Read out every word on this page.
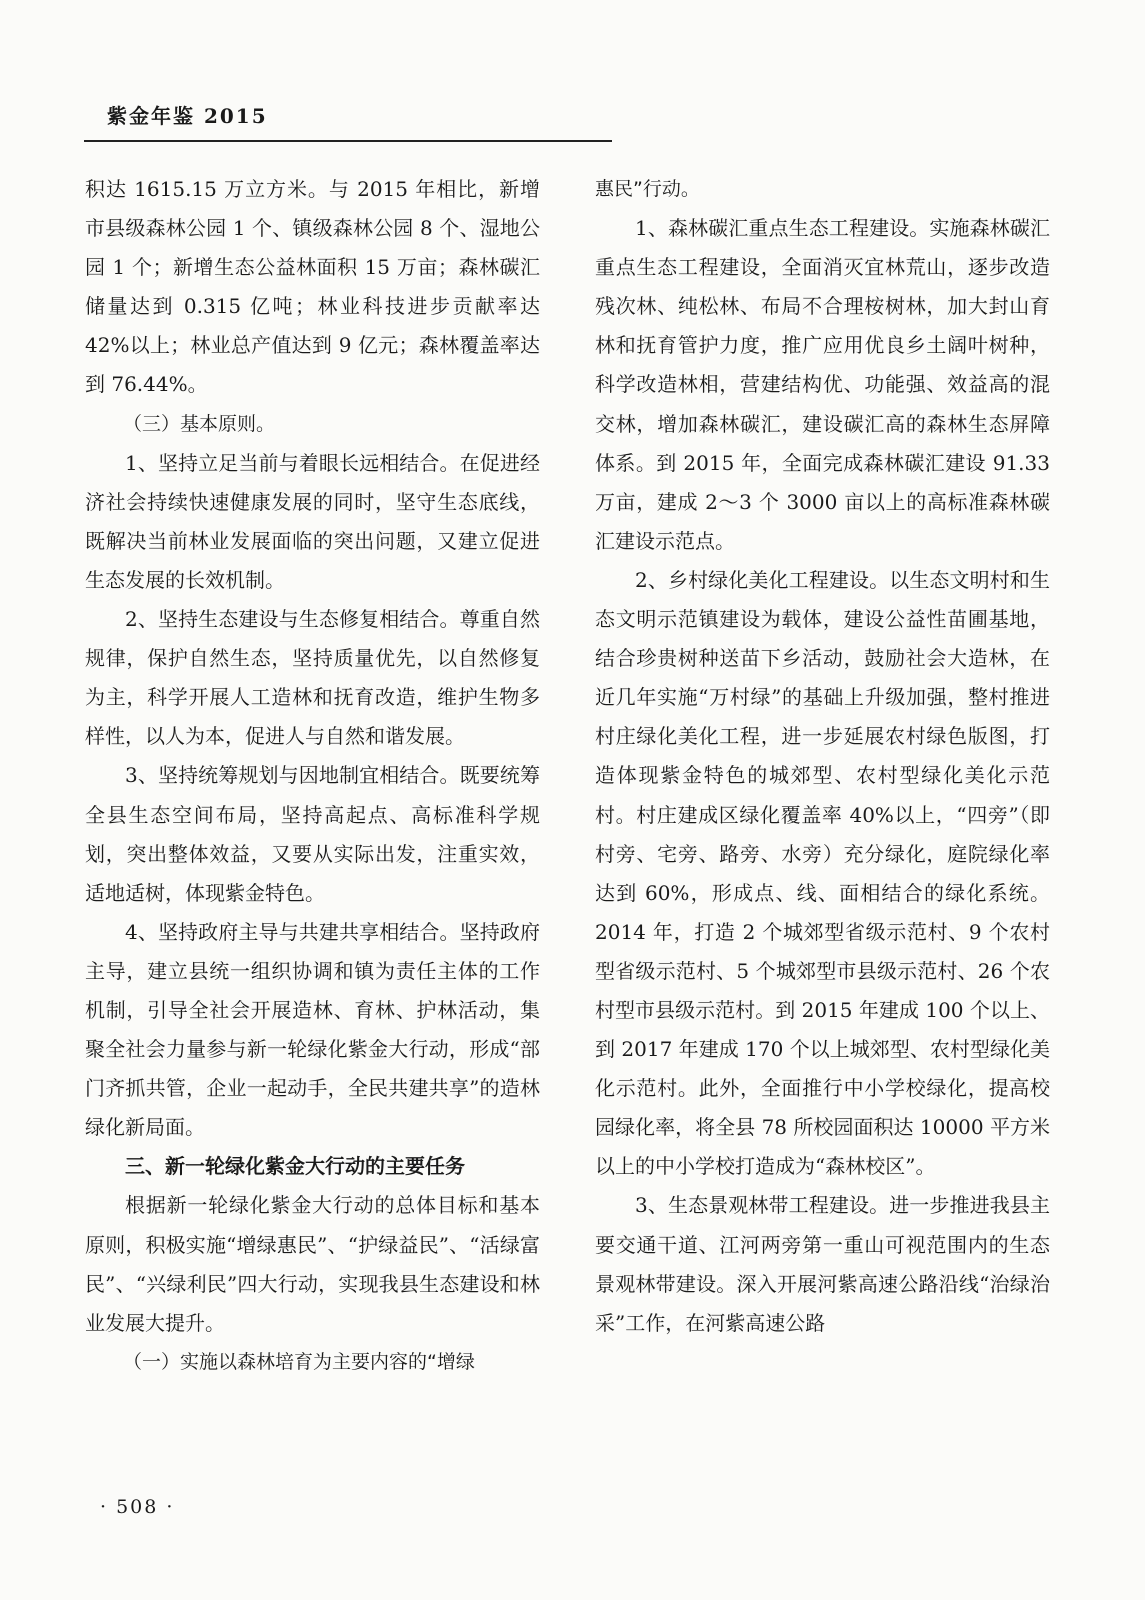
紫金年鉴 2015

积达 1615.15 万立方米。与 2015 年相比，新增市县级森林公园 1 个、镇级森林公园 8 个、湿地公园 1 个；新增生态公益林面积 15 万亩；森林碳汇储量达到 0.315 亿吨；林业科技进步贡献率达 42%以上；林业总产值达到 9 亿元；森林覆盖率达到 76.44%。

（三）基本原则。

1、坚持立足当前与着眼长远相结合。在促进经济社会持续快速健康发展的同时，坚守生态底线，既解决当前林业发展面临的突出问题，又建立促进生态发展的长效机制。

2、坚持生态建设与生态修复相结合。尊重自然规律，保护自然生态，坚持质量优先，以自然修复为主，科学开展人工造林和抚育改造，维护生物多样性，以人为本，促进人与自然和谐发展。

3、坚持统筹规划与因地制宜相结合。既要统筹全县生态空间布局，坚持高起点、高标准科学规划，突出整体效益，又要从实际出发，注重实效，适地适树，体现紫金特色。

4、坚持政府主导与共建共享相结合。坚持政府主导，建立县统一组织协调和镇为责任主体的工作机制，引导全社会开展造林、育林、护林活动，集聚全社会力量参与新一轮绿化紫金大行动，形成“部门齐抓共管，企业一起动手，全民共建共享”的造林绿化新局面。

三、新一轮绿化紫金大行动的主要任务

根据新一轮绿化紫金大行动的总体目标和基本原则，积极实施“增绿惠民”、“护绿益民”、“活绿富民”、“兴绿利民”四大行动，实现我县生态建设和林业发展大提升。

（一）实施以森林培育为主要内容的“增绿

惠民”行动。

1、森林碳汇重点生态工程建设。实施森林碳汇重点生态工程建设，全面消灭宜林荒山，逐步改造残次林、纯松林、布局不合理桉树林，加大封山育林和抚育管护力度，推广应用优良乡土阔叶树种，科学改造林相，营建结构优、功能强、效益高的混交林，增加森林碳汇，建设碳汇高的森林生态屏障体系。到 2015 年，全面完成森林碳汇建设 91.33 万亩，建成 2～3 个 3000 亩以上的高标准森林碳汇建设示范点。

2、乡村绿化美化工程建设。以生态文明村和生态文明示范镇建设为载体，建设公益性苗圃基地，结合珍贵树种送苗下乡活动，鼓励社会大造林，在近几年实施“万村绿”的基础上升级加强，整村推进村庄绿化美化工程，进一步延展农村绿色版图，打造体现紫金特色的城郊型、农村型绿化美化示范村。村庄建成区绿化覆盖率 40%以上，“四旁”（即村旁、宅旁、路旁、水旁）充分绿化，庭院绿化率达到 60%，形成点、线、面相结合的绿化系统。2014 年，打造 2 个城郊型省级示范村、9 个农村型省级示范村、5 个城郊型市县级示范村、26 个农村型市县级示范村。到 2015 年建成 100 个以上、到 2017 年建成 170 个以上城郊型、农村型绿化美化示范村。此外，全面推行中小学校绿化，提高校园绿化率，将全县 78 所校园面积达 10000 平方米以上的中小学校打造成为“森林校区”。

3、生态景观林带工程建设。进一步推进我县主要交通干道、江河两旁第一重山可视范围内的生态景观林带建设。深入开展河紫高速公路沿线“治绿治采”工作，在河紫高速公路

· 508 ·
